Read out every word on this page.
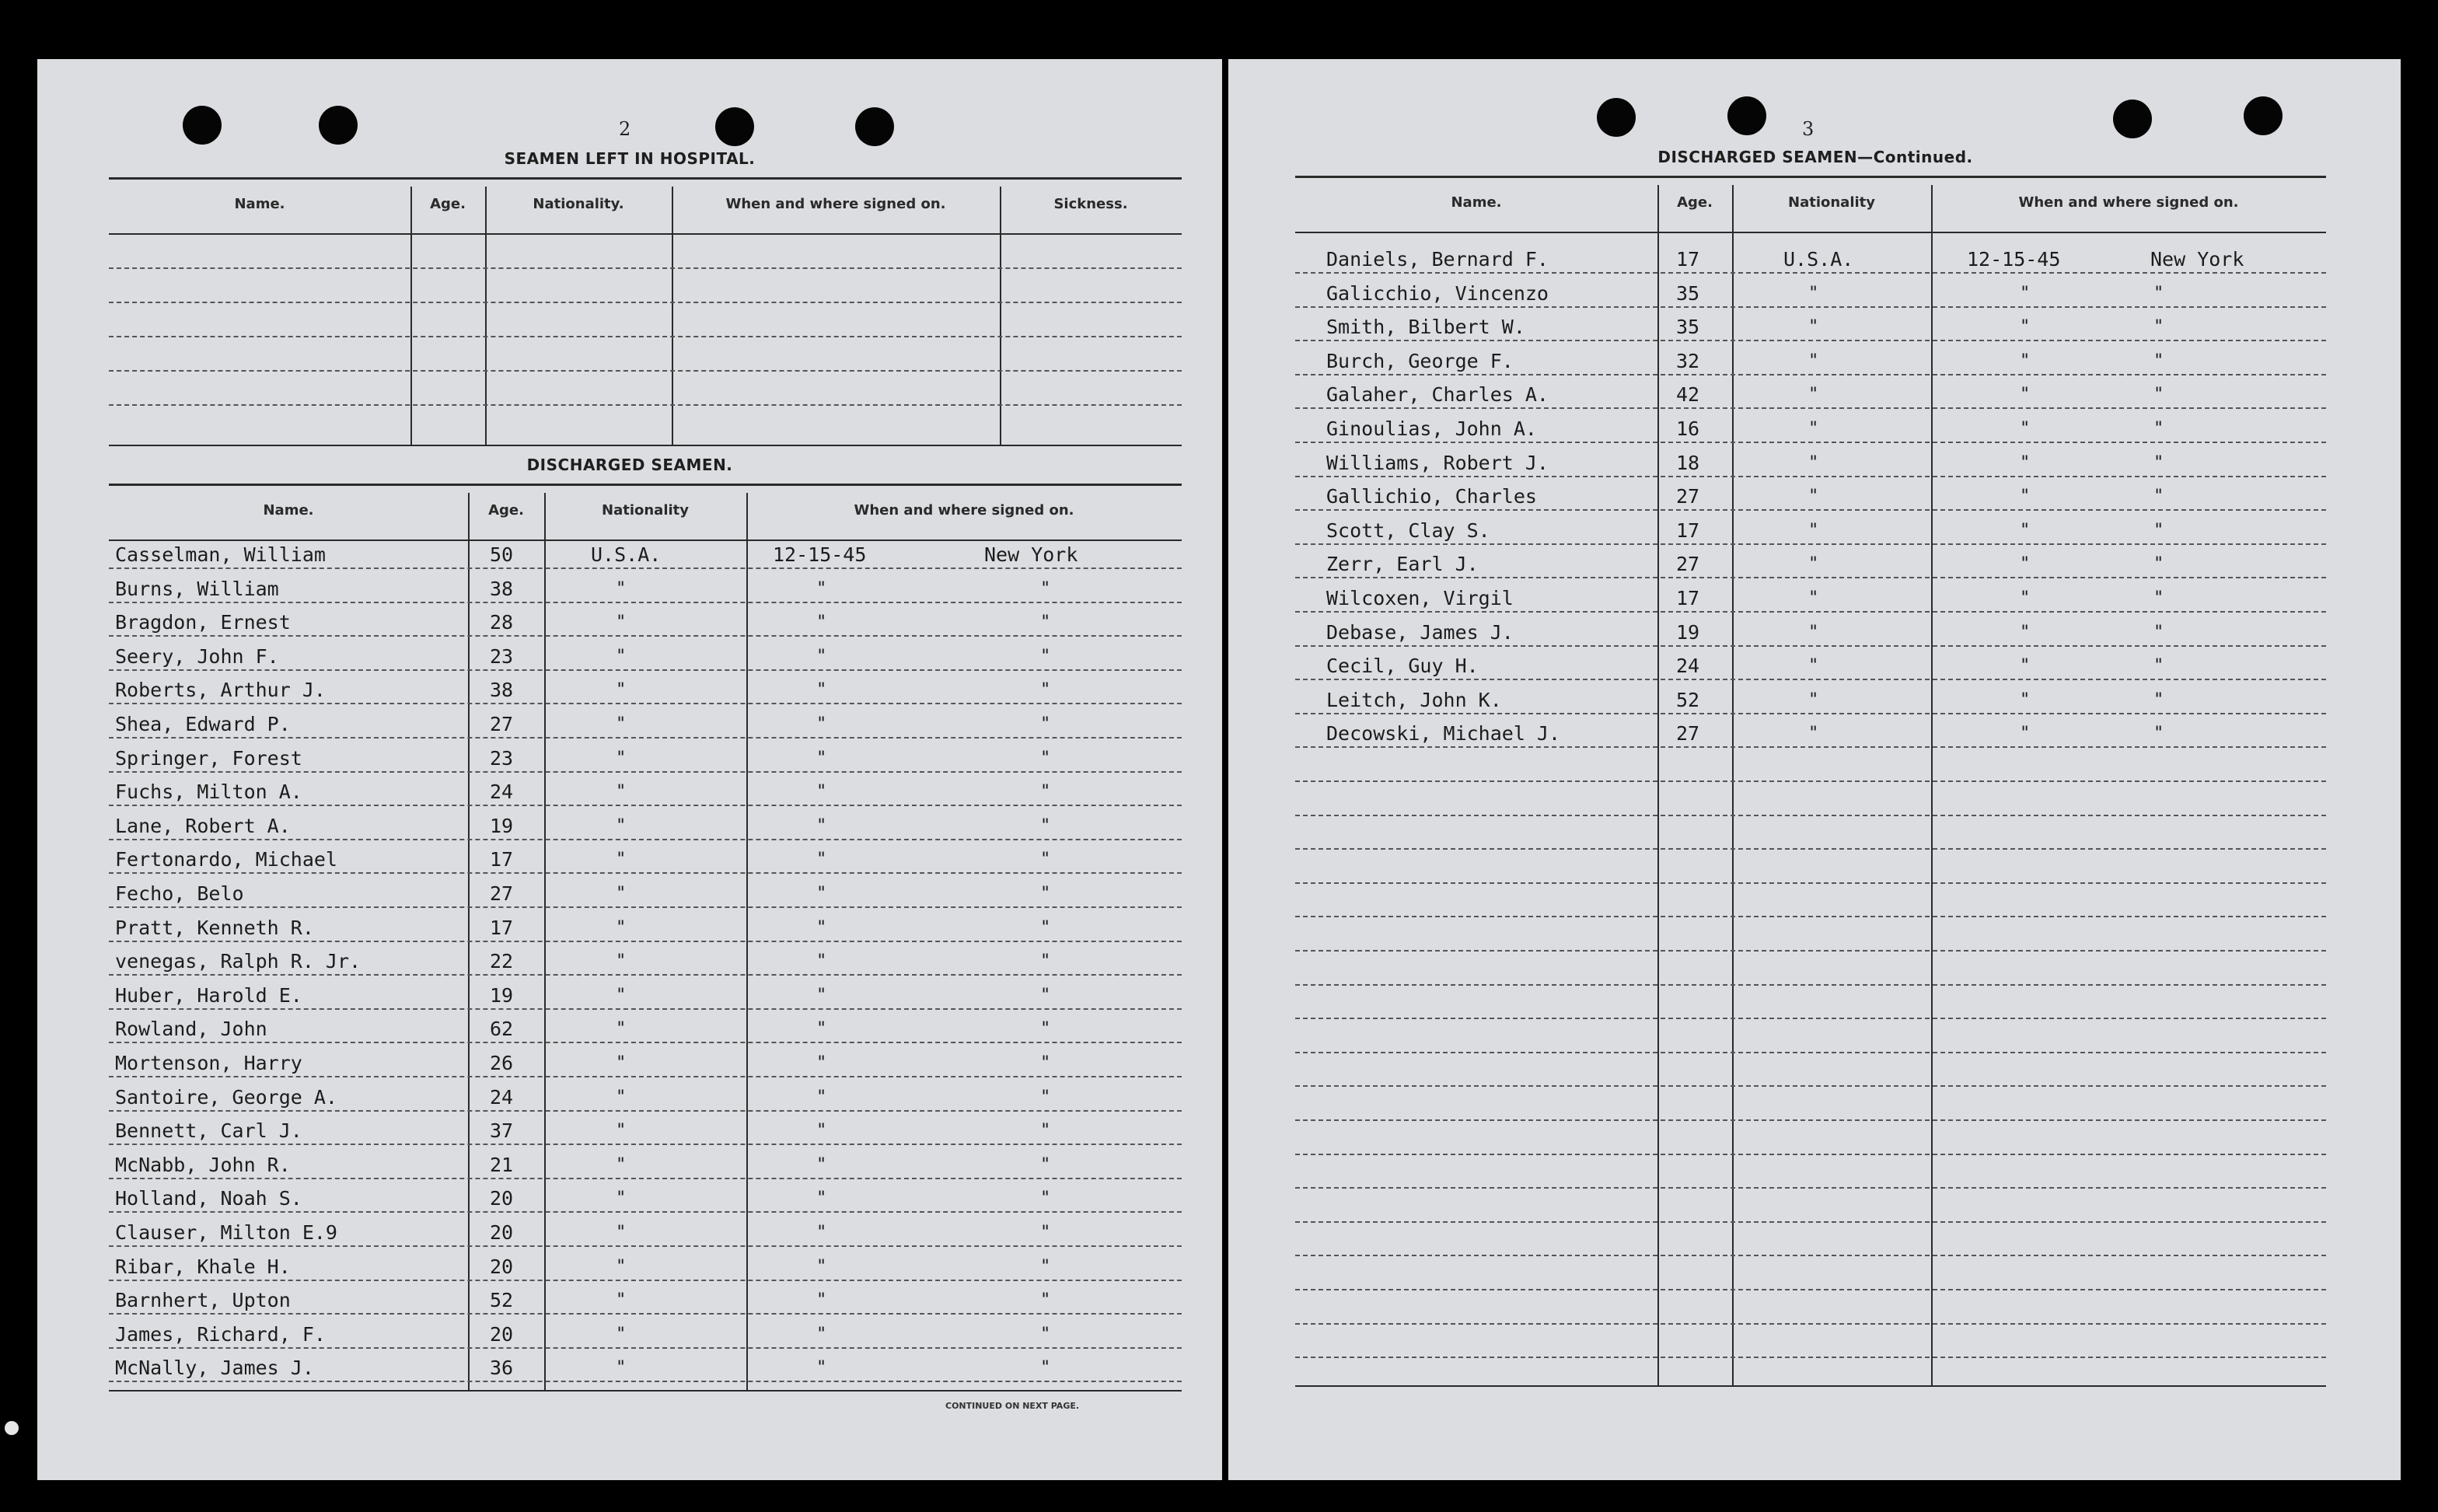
2
SEAMEN LEFT IN HOSPITAL.
Name.	Age.	Nationality.	When and where signed on.	Sickness.
DISCHARGED SEAMEN.
Name.	Age.	Nationality	When and where signed on.
Casselman, William	50	U.S.A.	12-15-45	New York
Burns, William	38	"	"	"
Bragdon, Ernest	28	"	"	"
Seery, John F.	23	"	"	"
Roberts, Arthur J.	38	"	"	"
Shea, Edward P.	27	"	"	"
Springer, Forest	23	"	"	"
Fuchs, Milton A.	24	"	"	"
Lane, Robert A.	19	"	"	"
Fertonardo, Michael	17	"	"	"
Fecho, Belo	27	"	"	"
Pratt, Kenneth R.	17	"	"	"
venegas, Ralph R. Jr.	22	"	"	"
Huber, Harold E.	19	"	"	"
Rowland, John	62	"	"	"
Mortenson, Harry	26	"	"	"
Santoire, George A.	24	"	"	"
Bennett, Carl J.	37	"	"	"
McNabb, John R.	21	"	"	"
Holland, Noah S.	20	"	"	"
Clauser, Milton E.9	20	"	"	"
Ribar, Khale H.	20	"	"	"
Barnhert, Upton	52	"	"	"
James, Richard, F.	20	"	"	"
McNally, James J.	36	"	"	"
CONTINUED ON NEXT PAGE.
3
DISCHARGED SEAMEN—Continued.
Name.	Age.	Nationality	When and where signed on.
Daniels, Bernard F.	17	U.S.A.	12-15-45	New York
Galicchio, Vincenzo	35	"	"	"
Smith, Bilbert W.	35	"	"	"
Burch, George F.	32	"	"	"
Galaher, Charles A.	42	"	"	"
Ginoulias, John A.	16	"	"	"
Williams, Robert J.	18	"	"	"
Gallichio, Charles	27	"	"	"
Scott, Clay S.	17	"	"	"
Zerr, Earl J.	27	"	"	"
Wilcoxen, Virgil	17	"	"	"
Debase, James J.	19	"	"	"
Cecil, Guy H.	24	"	"	"
Leitch, John K.	52	"	"	"
Decowski, Michael J.	27	"	"	"
